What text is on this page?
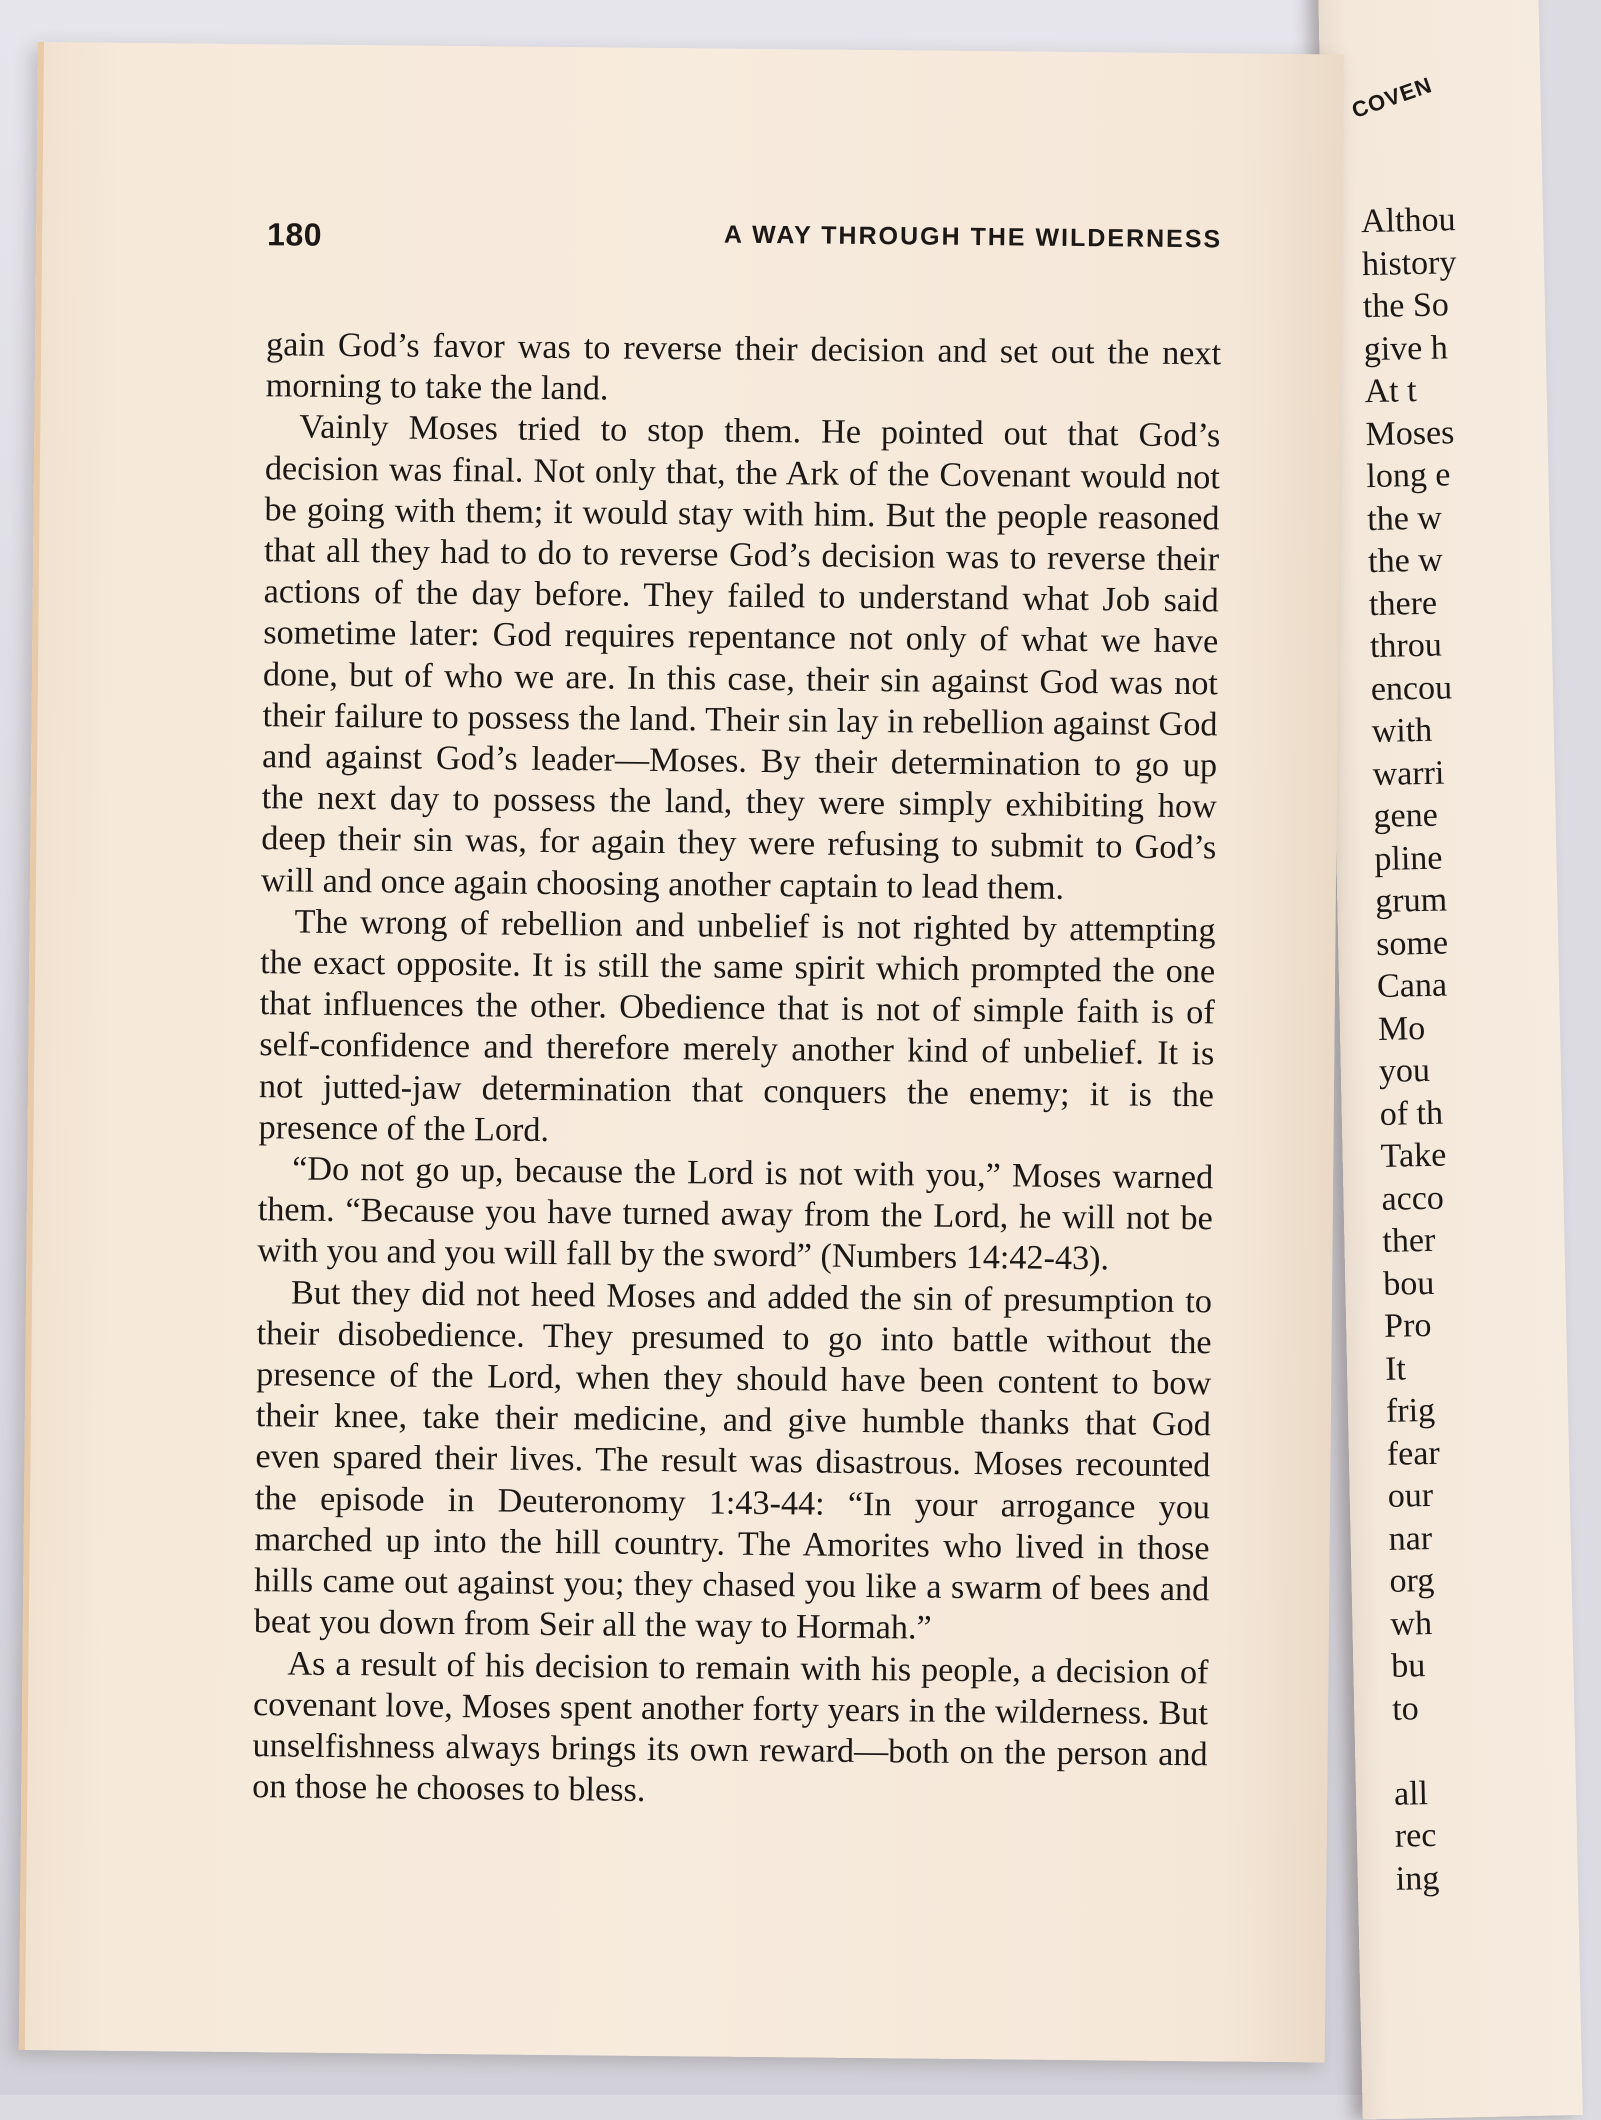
COVEN
Althou
history
the So
give h
At t
Moses
long e
the w
the w
there
throu
encou
with
warri
gene
pline
grum
some
Cana
Mo
you
of th
Take
acco
ther
bou
Pro
It
frig
fear
our
nar
org
wh
bu
to
all
rec
ing
180	A WAY THROUGH THE WILDERNESS

gain God’s favor was to reverse their decision and set out the next morning to take the land.

Vainly Moses tried to stop them. He pointed out that God’s decision was final. Not only that, the Ark of the Covenant would not be going with them; it would stay with him. But the people reasoned that all they had to do to reverse God’s decision was to reverse their actions of the day before. They failed to understand what Job said sometime later: God requires repentance not only of what we have done, but of who we are. In this case, their sin against God was not their failure to possess the land. Their sin lay in rebellion against God and against God’s leader—Moses. By their determination to go up the next day to possess the land, they were simply exhibiting how deep their sin was, for again they were refusing to submit to God’s will and once again choosing another captain to lead them.

The wrong of rebellion and unbelief is not righted by attempting the exact opposite. It is still the same spirit which prompted the one that influences the other. Obedience that is not of simple faith is of self-confidence and therefore merely another kind of unbelief. It is not jutted-jaw determination that conquers the enemy; it is the presence of the Lord.

“Do not go up, because the Lord is not with you,” Moses warned them. “Because you have turned away from the Lord, he will not be with you and you will fall by the sword” (Numbers 14:42-43).

But they did not heed Moses and added the sin of presumption to their disobedience. They presumed to go into battle without the presence of the Lord, when they should have been content to bow their knee, take their medicine, and give humble thanks that God even spared their lives. The result was disastrous. Moses recounted the episode in Deuteronomy 1:43-44: “In your arrogance you marched up into the hill country. The Amorites who lived in those hills came out against you; they chased you like a swarm of bees and beat you down from Seir all the way to Hormah.”

As a result of his decision to remain with his people, a decision of covenant love, Moses spent another forty years in the wilderness. But unselfishness always brings its own reward—both on the person and on those he chooses to bless.
